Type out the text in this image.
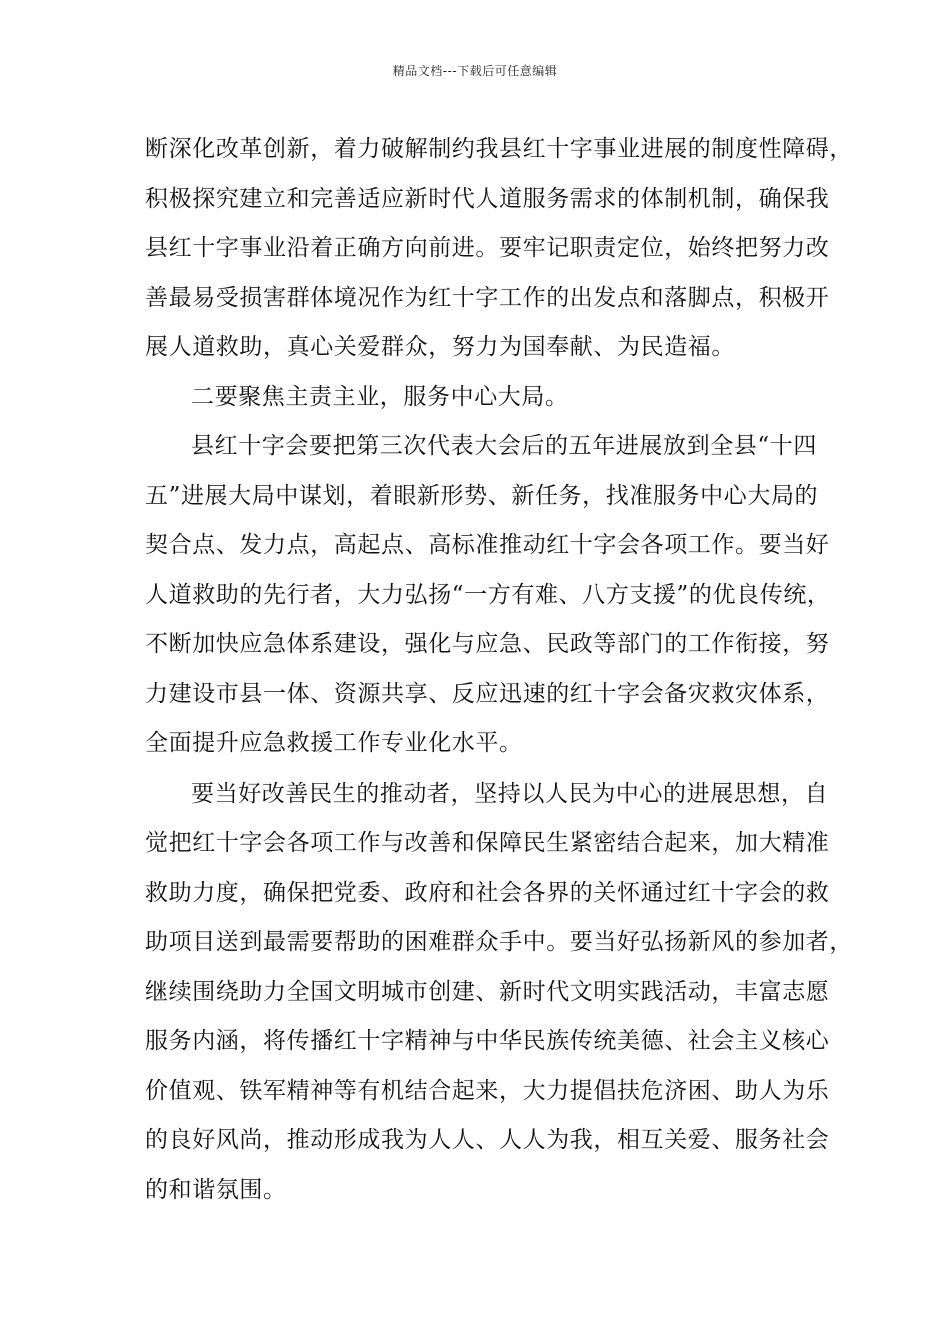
精品文档---下载后可任意编辑
断深化改革创新，着力破解制约我县红十字事业进展的制度性障碍，
积极探究建立和完善适应新时代人道服务需求的体制机制，确保我
县红十字事业沿着正确方向前进。要牢记职责定位，始终把努力改
善最易受损害群体境况作为红十字工作的出发点和落脚点，积极开
展人道救助，真心关爱群众，努力为国奉献、为民造福。
二要聚焦主责主业，服务中心大局。
县红十字会要把第三次代表大会后的五年进展放到全县“十四
五”进展大局中谋划，着眼新形势、新任务，找准服务中心大局的
契合点、发力点，高起点、高标准推动红十字会各项工作。要当好
人道救助的先行者，大力弘扬“一方有难、八方支援”的优良传统，
不断加快应急体系建设，强化与应急、民政等部门的工作衔接，努
力建设市县一体、资源共享、反应迅速的红十字会备灾救灾体系，
全面提升应急救援工作专业化水平。
要当好改善民生的推动者，坚持以人民为中心的进展思想，自
觉把红十字会各项工作与改善和保障民生紧密结合起来，加大精准
救助力度，确保把党委、政府和社会各界的关怀通过红十字会的救
助项目送到最需要帮助的困难群众手中。要当好弘扬新风的参加者，
继续围绕助力全国文明城市创建、新时代文明实践活动，丰富志愿
服务内涵，将传播红十字精神与中华民族传统美德、社会主义核心
价值观、铁军精神等有机结合起来，大力提倡扶危济困、助人为乐
的良好风尚，推动形成我为人人、人人为我，相互关爱、服务社会
的和谐氛围。
